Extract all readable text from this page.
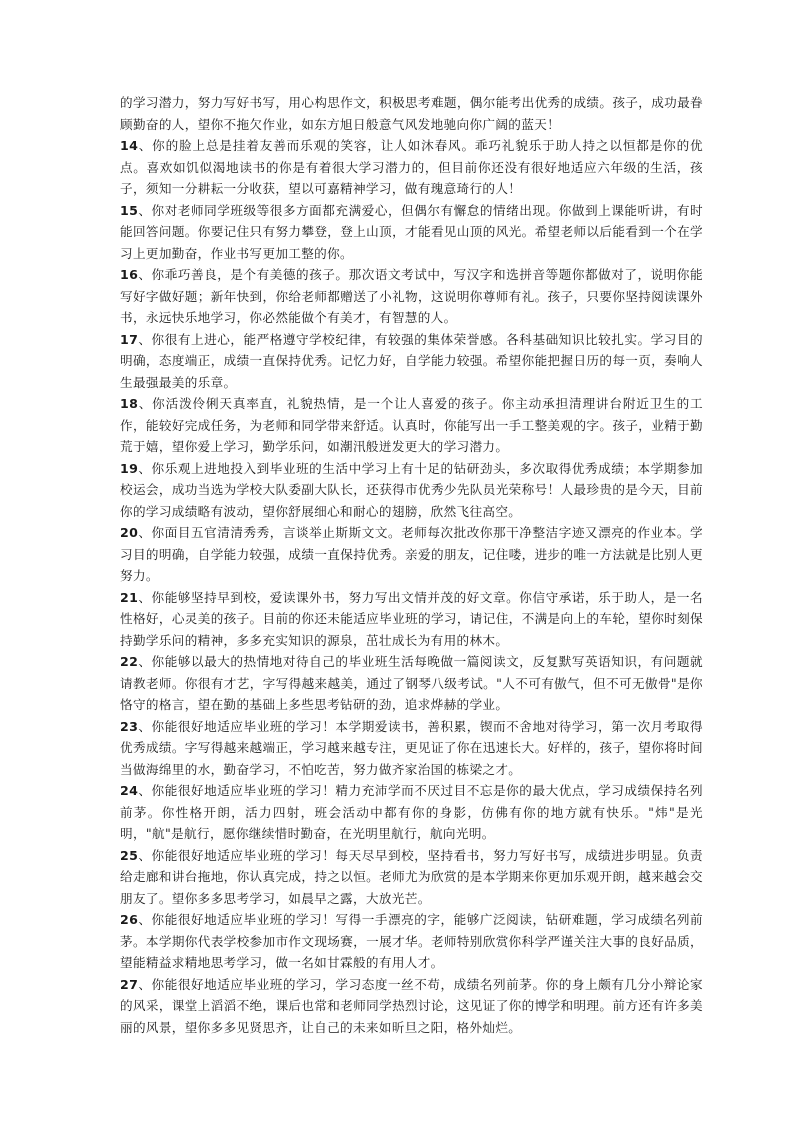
的学习潜力，努力写好书写，用心构思作文，积极思考难题，偶尔能考出优秀的成绩。孩子，成功最眷顾勤奋的人，望你不拖欠作业，如东方旭日般意气风发地驰向你广阔的蓝天！

14、你的脸上总是挂着友善而乐观的笑容，让人如沐春风。乖巧礼貌乐于助人持之以恒都是你的优点。喜欢如饥似渴地读书的你是有着很大学习潜力的，但目前你还没有很好地适应六年级的生活，孩子，须知一分耕耘一分收获，望以可嘉精神学习，做有瑰意琦行的人！

15、你对老师同学班级等很多方面都充满爱心，但偶尔有懈怠的情绪出现。你做到上课能听讲，有时能回答问题。你要记住只有努力攀登，登上山顶，才能看见山顶的风光。希望老师以后能看到一个在学习上更加勤奋，作业书写更加工整的你。

16、你乖巧善良，是个有美德的孩子。那次语文考试中，写汉字和选拼音等题你都做对了，说明你能写好字做好题；新年快到，你给老师都赠送了小礼物，这说明你尊师有礼。孩子，只要你坚持阅读课外书，永远快乐地学习，你必然能做个有美才，有智慧的人。

17、你很有上进心，能严格遵守学校纪律，有较强的集体荣誉感。各科基础知识比较扎实。学习目的明确，态度端正，成绩一直保持优秀。记忆力好，自学能力较强。希望你能把握日历的每一页，奏响人生最强最美的乐章。

18、你活泼伶俐天真率直，礼貌热情，是一个让人喜爱的孩子。你主动承担清理讲台附近卫生的工作，能较好完成任务，为老师和同学带来舒适。认真时，你能写出一手工整美观的字。孩子，业精于勤荒于嬉，望你爱上学习，勤学乐问，如潮汛般迸发更大的学习潜力。

19、你乐观上进地投入到毕业班的生活中学习上有十足的钻研劲头，多次取得优秀成绩；本学期参加校运会，成功当选为学校大队委副大队长，还获得市优秀少先队员光荣称号！人最珍贵的是今天，目前你的学习成绩略有波动，望你舒展细心和耐心的翅膀，欣然飞往高空。

20、你面目五官清清秀秀，言谈举止斯斯文文。老师每次批改你那干净整洁字迹又漂亮的作业本。学习目的明确，自学能力较强，成绩一直保持优秀。亲爱的朋友，记住喽，进步的唯一方法就是比别人更努力。

21、你能够坚持早到校，爱读课外书，努力写出文情并茂的好文章。你信守承诺，乐于助人，是一名性格好，心灵美的孩子。目前的你还未能适应毕业班的学习，请记住，不满是向上的车轮，望你时刻保持勤学乐问的精神，多多充实知识的源泉，茁壮成长为有用的林木。

22、你能够以最大的热情地对待自己的毕业班生活每晚做一篇阅读文，反复默写英语知识，有问题就请教老师。你很有才艺，字写得越来越美，通过了钢琴八级考试。"人不可有傲气，但不可无傲骨"是你恪守的格言，望在勤的基础上多些思考钻研的劲，追求烨赫的学业。

23、你能很好地适应毕业班的学习！本学期爱读书，善积累，锲而不舍地对待学习，第一次月考取得优秀成绩。字写得越来越端正，学习越来越专注，更见证了你在迅速长大。好样的，孩子，望你将时间当做海绵里的水，勤奋学习，不怕吃苦，努力做齐家治国的栋梁之才。

24、你能很好地适应毕业班的学习！精力充沛学而不厌过目不忘是你的最大优点，学习成绩保持名列前茅。你性格开朗，活力四射，班会活动中都有你的身影，仿佛有你的地方就有快乐。"炜"是光明，"航"是航行，愿你继续惜时勤奋，在光明里航行，航向光明。

25、你能很好地适应毕业班的学习！每天尽早到校，坚持看书，努力写好书写，成绩进步明显。负责给走廊和讲台拖地，你认真完成，持之以恒。老师尤为欣赏的是本学期来你更加乐观开朗，越来越会交朋友了。望你多多思考学习，如晨早之露，大放光芒。

26、你能很好地适应毕业班的学习！写得一手漂亮的字，能够广泛阅读，钻研难题，学习成绩名列前茅。本学期你代表学校参加市作文现场赛，一展才华。老师特别欣赏你科学严谨关注大事的良好品质，望能精益求精地思考学习，做一名如甘霖般的有用人才。

27、你能很好地适应毕业班的学习，学习态度一丝不苟，成绩名列前茅。你的身上颇有几分小辩论家的风采，课堂上滔滔不绝，课后也常和老师同学热烈讨论，这见证了你的博学和明理。前方还有许多美丽的风景，望你多多见贤思齐，让自己的未来如昕旦之阳，格外灿烂。
